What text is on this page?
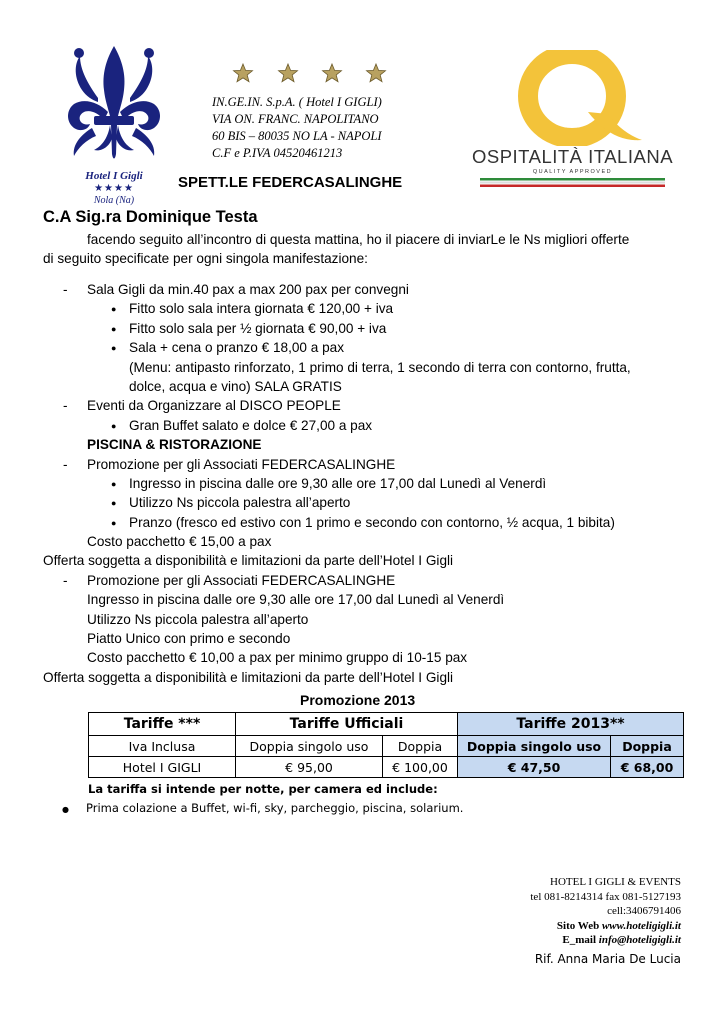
Hotel I Gigli
★★★★
Nola (Na)
IN.GE.IN. S.p.A. ( Hotel I GIGLI)
VIA ON. FRANC. NAPOLITANO
60 BIS – 80035 NO LA - NAPOLI
C.F e P.IVA 04520461213	OSPITALITÀ ITALIANA
QUALITY APPROVED
SPETT.LE FEDERCASALINGHE
C.A Sig.ra Dominique Testa
facendo seguito all’incontro di questa mattina, ho il piacere di inviarLe le Ns migliori offerte
di seguito specificate per ogni singola manifestazione:
- Sala Gigli da min.40 pax a max 200 pax per convegni
● Fitto solo sala intera giornata € 120,00 + iva
● Fitto solo sala per ½ giornata € 90,00 + iva
● Sala + cena o pranzo € 18,00 a pax
(Menu: antipasto rinforzato, 1 primo di terra, 1 secondo di terra con contorno, frutta,
dolce, acqua e vino) SALA GRATIS
- Eventi da Organizzare al DISCO PEOPLE
● Gran Buffet salato e dolce € 27,00 a pax
PISCINA & RISTORAZIONE
- Promozione per gli Associati FEDERCASALINGHE
● Ingresso in piscina dalle ore 9,30 alle ore 17,00 dal Lunedì al Venerdì
● Utilizzo Ns piccola palestra all’aperto
● Pranzo (fresco ed estivo con 1 primo e secondo con contorno, ½ acqua, 1 bibita)
Costo pacchetto € 15,00 a pax
Offerta soggetta a disponibilità e limitazioni da parte dell’Hotel I Gigli
- Promozione per gli Associati FEDERCASALINGHE
Ingresso in piscina dalle ore 9,30 alle ore 17,00 dal Lunedì al Venerdì
Utilizzo Ns piccola palestra all’aperto
Piatto Unico con primo e secondo
Costo pacchetto € 10,00 a pax per minimo gruppo di 10-15 pax
Offerta soggetta a disponibilità e limitazioni da parte dell’Hotel I Gigli
Promozione 2013
Tariffe ***	Tariffe Ufficiali		Tariffe 2013**	
Iva Inclusa	Doppia singolo uso	Doppia	Doppia singolo uso	Doppia
Hotel I GIGLI	€ 95,00	€ 100,00	€ 47,50	€ 68,00
La tariffa si intende per notte, per camera ed include:
● Prima colazione a Buffet, wi-fi, sky, parcheggio, piscina, solarium.
HOTEL I GIGLI & EVENTS
tel 081-8214314 fax 081-5127193
cell:3406791406
Sito Web www.hoteligigli.it
E_mail info@hoteligigli.it
Rif. Anna Maria De Lucia
